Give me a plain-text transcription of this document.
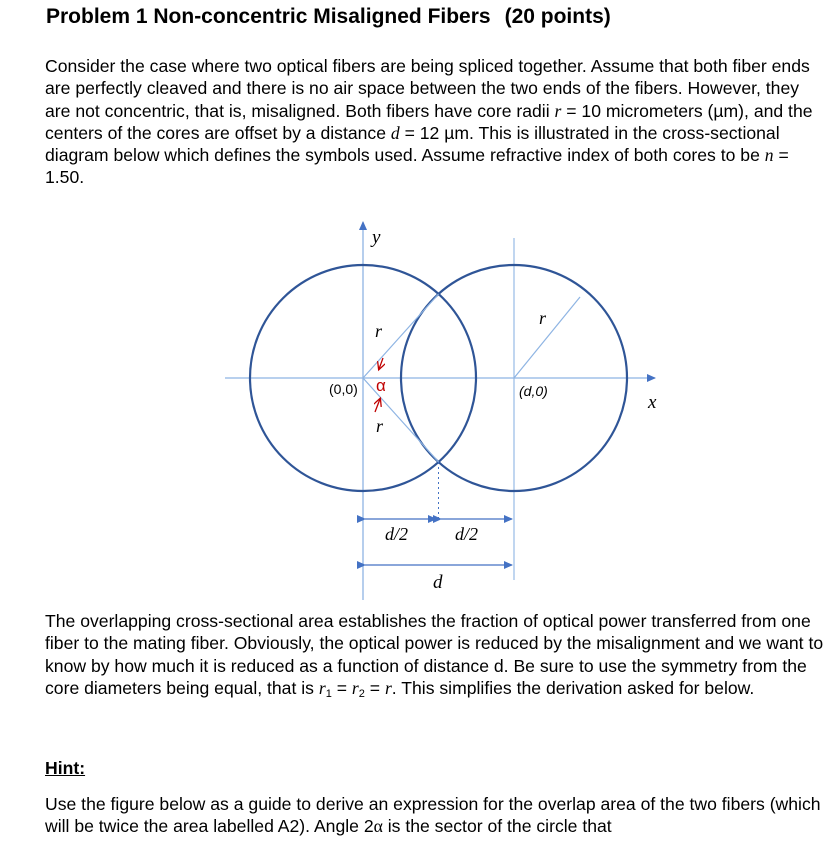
Problem 1 Non-concentric Misaligned Fibers (20 points)

Consider the case where two optical fibers are being spliced together. Assume that both fiber ends are perfectly cleaved and there is no air space between the two ends of the fibers. However, they are not concentric, that is, misaligned. Both fibers have core radii r = 10 micrometers (µm), and the centers of the cores are offset by a distance d = 12 µm. This is illustrated in the cross-sectional diagram below which defines the symbols used. Assume refractive index of both cores to be n = 1.50.

y
x
(0,0)	(d,0)
r
r
r
α
d/2	d/2
d

The overlapping cross-sectional area establishes the fraction of optical power transferred from one fiber to the mating fiber. Obviously, the optical power is reduced by the misalignment and we want to know by how much it is reduced as a function of distance d. Be sure to use the symmetry from the core diameters being equal, that is $r_1 = r_2 = r$. This simplifies the derivation asked for below.

Hint:

Use the figure below as a guide to derive an expression for the overlap area of the two fibers (which will be twice the area labelled A2). Angle 2α is the sector of the circle that
